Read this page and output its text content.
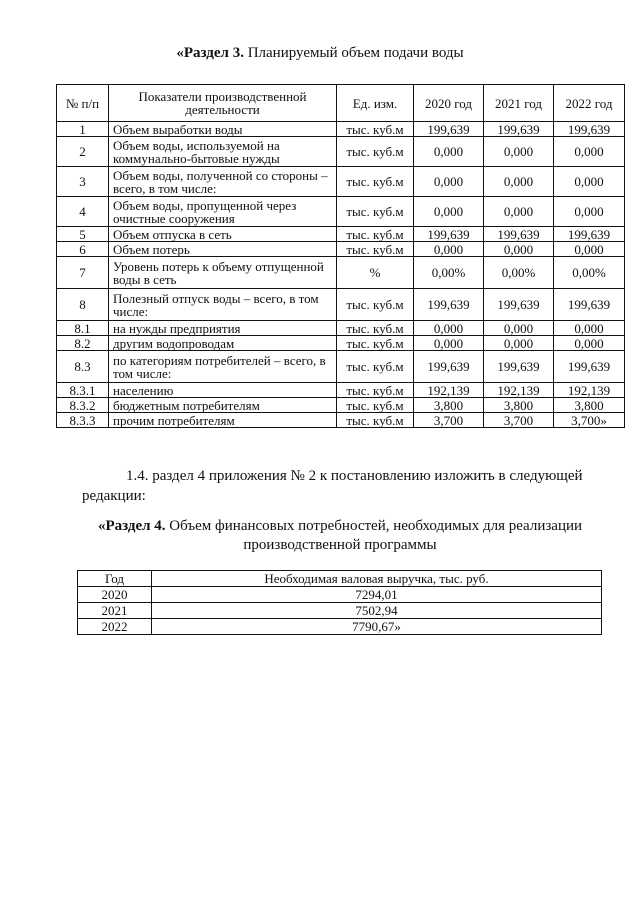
«Раздел 3. Планируемый объем подачи воды
№ п/п	Показатели производственной деятельности	Ед. изм.	2020 год	2021 год	2022 год
1	Объем выработки воды	тыс. куб.м	199,639	199,639	199,639
2	Объем воды, используемой на коммунально-бытовые нужды	тыс. куб.м	0,000	0,000	0,000
3	Объем воды, полученной со стороны – всего, в том числе:	тыс. куб.м	0,000	0,000	0,000
4	Объем воды, пропущенной через очистные сооружения	тыс. куб.м	0,000	0,000	0,000
5	Объем отпуска в сеть	тыс. куб.м	199,639	199,639	199,639
6	Объем потерь	тыс. куб.м	0,000	0,000	0,000
7	Уровень потерь к объему отпущенной воды в сеть	%	0,00%	0,00%	0,00%
8	Полезный отпуск воды – всего, в том числе:	тыс. куб.м	199,639	199,639	199,639
8.1	на нужды предприятия	тыс. куб.м	0,000	0,000	0,000
8.2	другим водопроводам	тыс. куб.м	0,000	0,000	0,000
8.3	по категориям потребителей – всего, в том числе:	тыс. куб.м	199,639	199,639	199,639
8.3.1	населению	тыс. куб.м	192,139	192,139	192,139
8.3.2	бюджетным потребителям	тыс. куб.м	3,800	3,800	3,800
8.3.3	прочим потребителям	тыс. куб.м	3,700	3,700	3,700»
1.4. раздел 4 приложения № 2 к постановлению изложить в следующей редакции:
«Раздел 4. Объем финансовых потребностей, необходимых для реализации производственной программы
Год	Необходимая валовая выручка, тыс. руб.
2020	7294,01
2021	7502,94
2022	7790,67»
